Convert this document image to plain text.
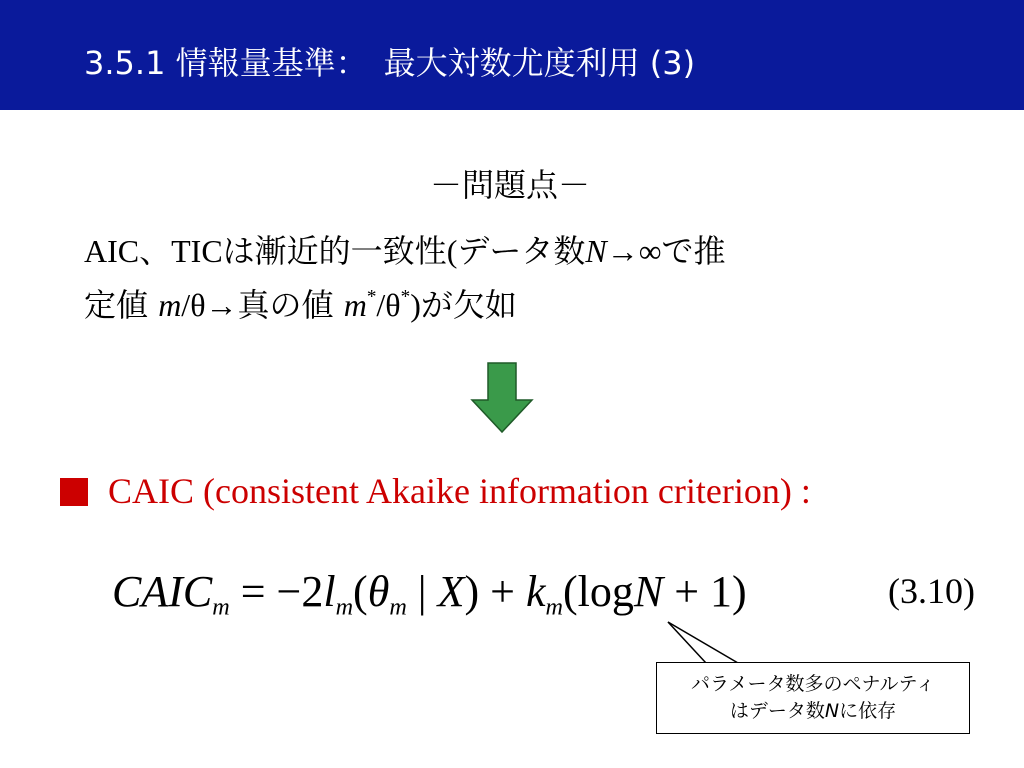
3.5.1 情報量基準：　最大対数尤度利用 (3)
－問題点－
AIC、TICは漸近的一致性(データ数N→∞で推
定値 m/θ→真の値 m*/θ*)が欠如
CAIC (consistent Akaike information criterion) :
$CAIC_m = -2l_m(\theta_m$ | $X) + k_m(\log N + 1)$	(3.10)
パラメータ数多のペナルティ
はデータ数Nに依存
